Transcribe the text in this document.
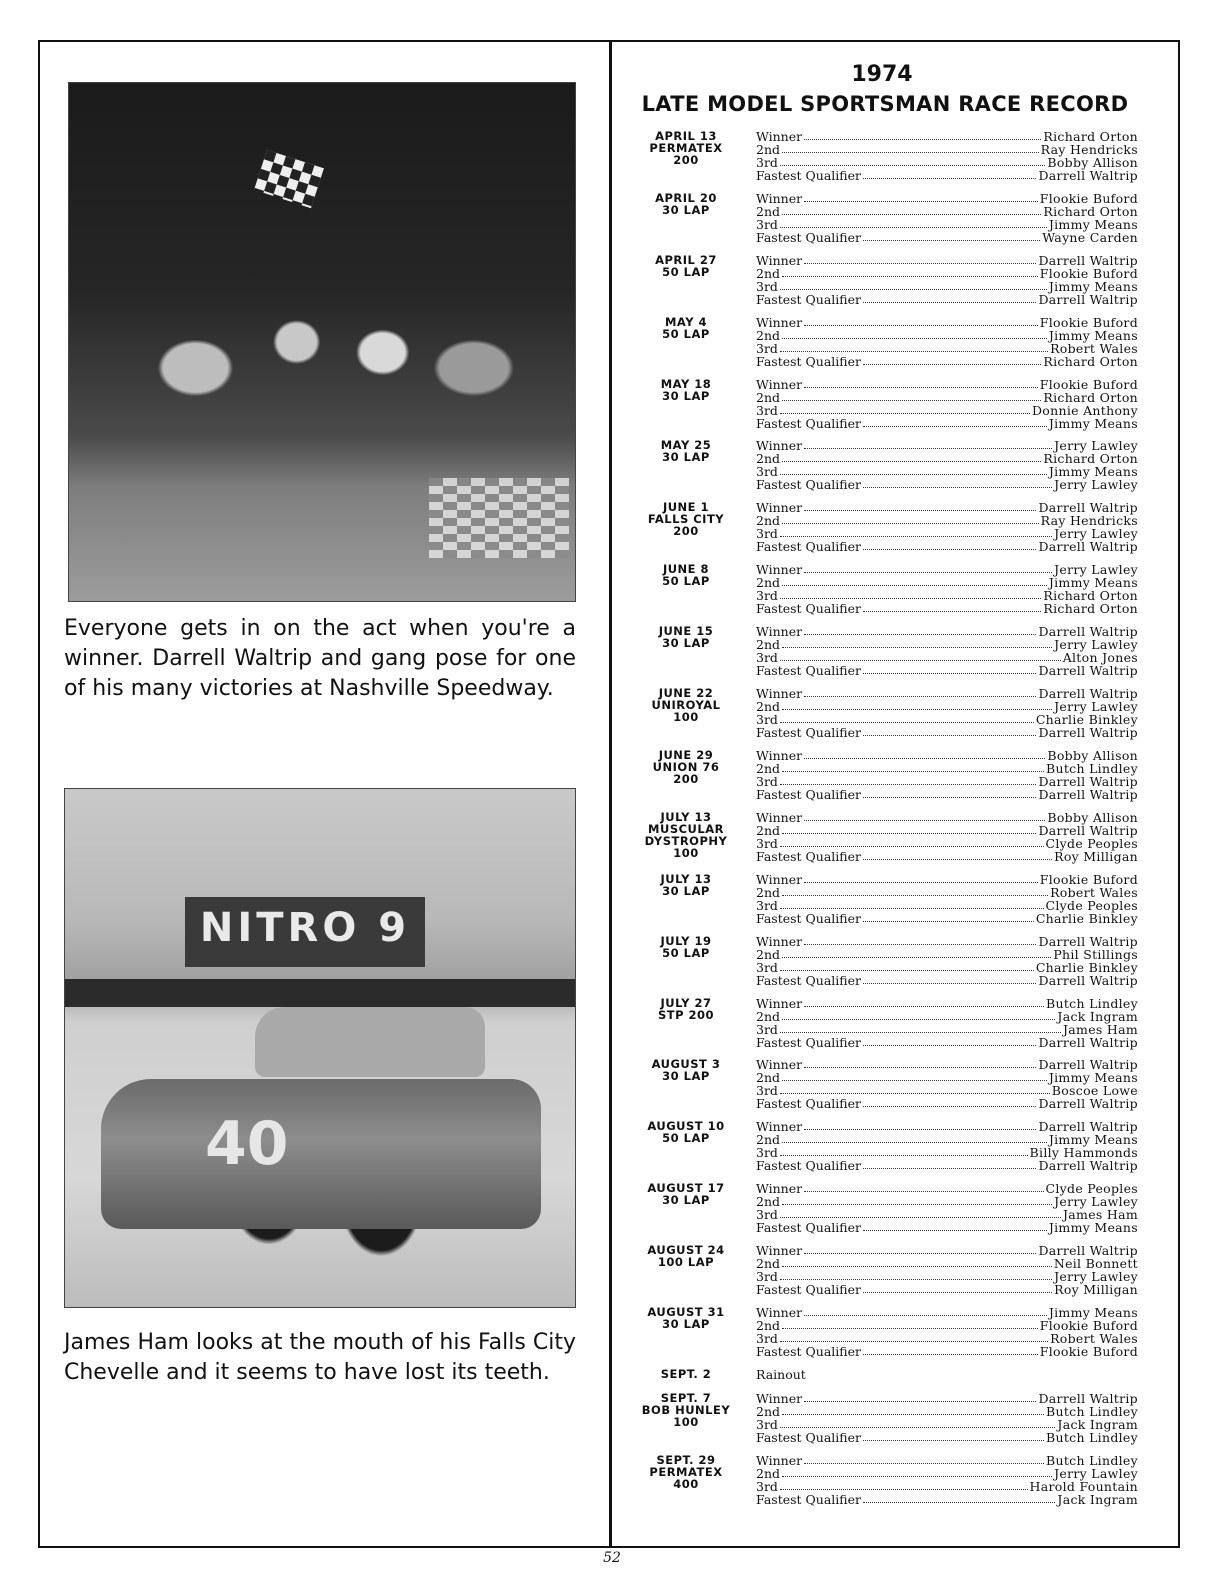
Everyone gets in on the act when you're a winner. Darrell Waltrip and gang pose for one of his many victories at Nashville Speedway.
NITRO 9
40
James Ham looks at the mouth of his Falls City Chevelle and it seems to have lost its teeth.
1974
LATE MODEL SPORTSMAN RACE RECORD
APRIL 13
PERMATEX
200
Winner	Richard Orton
2nd	Ray Hendricks
3rd	Bobby Allison
Fastest Qualifier	Darrell Waltrip
APRIL 20
30 LAP
Winner	Flookie Buford
2nd	Richard Orton
3rd	Jimmy Means
Fastest Qualifier	Wayne Carden
APRIL 27
50 LAP
Winner	Darrell Waltrip
2nd	Flookie Buford
3rd	Jimmy Means
Fastest Qualifier	Darrell Waltrip
MAY 4
50 LAP
Winner	Flookie Buford
2nd	Jimmy Means
3rd	Robert Wales
Fastest Qualifier	Richard Orton
MAY 18
30 LAP
Winner	Flookie Buford
2nd	Richard Orton
3rd	Donnie Anthony
Fastest Qualifier	Jimmy Means
MAY 25
30 LAP
Winner	Jerry Lawley
2nd	Richard Orton
3rd	Jimmy Means
Fastest Qualifier	Jerry Lawley
JUNE 1
FALLS CITY
200
Winner	Darrell Waltrip
2nd	Ray Hendricks
3rd	Jerry Lawley
Fastest Qualifier	Darrell Waltrip
JUNE 8
50 LAP
Winner	Jerry Lawley
2nd	Jimmy Means
3rd	Richard Orton
Fastest Qualifier	Richard Orton
JUNE 15
30 LAP
Winner	Darrell Waltrip
2nd	Jerry Lawley
3rd	Alton Jones
Fastest Qualifier	Darrell Waltrip
JUNE 22
UNIROYAL
100
Winner	Darrell Waltrip
2nd	Jerry Lawley
3rd	Charlie Binkley
Fastest Qualifier	Darrell Waltrip
JUNE 29
UNION 76
200
Winner	Bobby Allison
2nd	Butch Lindley
3rd	Darrell Waltrip
Fastest Qualifier	Darrell Waltrip
JULY 13
MUSCULAR
DYSTROPHY
100
Winner	Bobby Allison
2nd	Darrell Waltrip
3rd	Clyde Peoples
Fastest Qualifier	Roy Milligan
JULY 13
30 LAP
Winner	Flookie Buford
2nd	Robert Wales
3rd	Clyde Peoples
Fastest Qualifier	Charlie Binkley
JULY 19
50 LAP
Winner	Darrell Waltrip
2nd	Phil Stillings
3rd	Charlie Binkley
Fastest Qualifier	Darrell Waltrip
JULY 27
STP 200
Winner	Butch Lindley
2nd	Jack Ingram
3rd	James Ham
Fastest Qualifier	Darrell Waltrip
AUGUST 3
30 LAP
Winner	Darrell Waltrip
2nd	Jimmy Means
3rd	Boscoe Lowe
Fastest Qualifier	Darrell Waltrip
AUGUST 10
50 LAP
Winner	Darrell Waltrip
2nd	Jimmy Means
3rd	Billy Hammonds
Fastest Qualifier	Darrell Waltrip
AUGUST 17
30 LAP
Winner	Clyde Peoples
2nd	Jerry Lawley
3rd	James Ham
Fastest Qualifier	Jimmy Means
AUGUST 24
100 LAP
Winner	Darrell Waltrip
2nd	Neil Bonnett
3rd	Jerry Lawley
Fastest Qualifier	Roy Milligan
AUGUST 31
30 LAP
Winner	Jimmy Means
2nd	Flookie Buford
3rd	Robert Wales
Fastest Qualifier	Flookie Buford
SEPT. 2	Rainout
SEPT. 7
BOB HUNLEY
100
Winner	Darrell Waltrip
2nd	Butch Lindley
3rd	Jack Ingram
Fastest Qualifier	Butch Lindley
SEPT. 29
PERMATEX
400
Winner	Butch Lindley
2nd	Jerry Lawley
3rd	Harold Fountain
Fastest Qualifier	Jack Ingram
52
